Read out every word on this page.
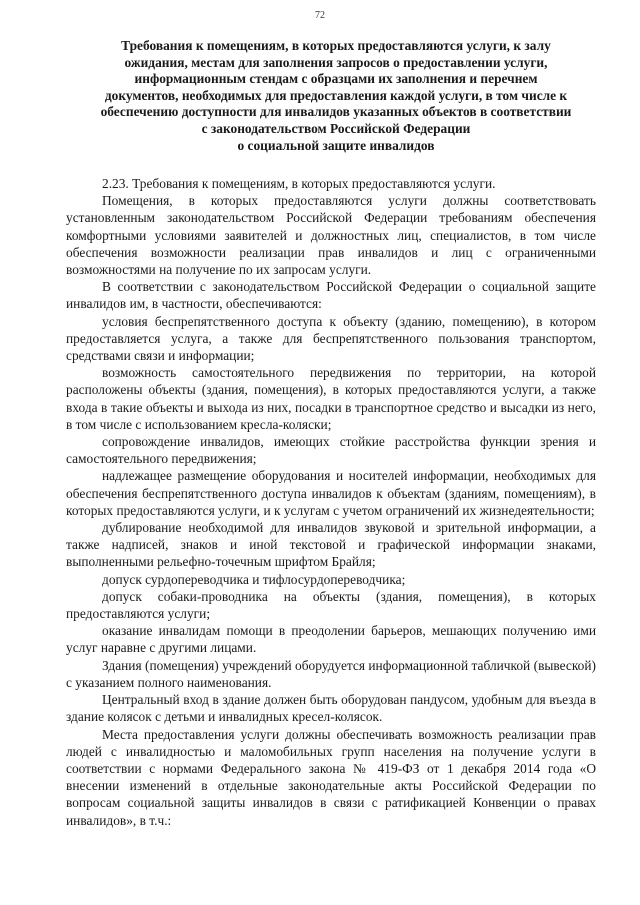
72
Требования к помещениям, в которых предоставляются услуги, к залу
ожидания, местам для заполнения запросов о предоставлении услуги,
информационным стендам с образцами их заполнения и перечнем
документов, необходимых для предоставления каждой услуги, в том числе к
обеспечению доступности для инвалидов указанных объектов в соответствии
с законодательством Российской Федерации
о социальной защите инвалидов

2.23. Требования к помещениям, в которых предоставляются услуги.

Помещения, в которых предоставляются услуги должны соответствовать установленным законодательством Российской Федерации требованиям обеспечения комфортными условиями заявителей и должностных лиц, специалистов, в том числе обеспечения возможности реализации прав инвалидов и лиц с ограниченными возможностями на получение по их запросам услуги.

В соответствии с законодательством Российской Федерации о социальной защите инвалидов им, в частности, обеспечиваются:

условия беспрепятственного доступа к объекту (зданию, помещению), в котором предоставляется услуга, а также для беспрепятственного пользования транспортом, средствами связи и информации;

возможность самостоятельного передвижения по территории, на которой расположены объекты (здания, помещения), в которых предоставляются услуги, а также входа в такие объекты и выхода из них, посадки в транспортное средство и высадки из него, в том числе с использованием кресла-коляски;

сопровождение инвалидов, имеющих стойкие расстройства функции зрения и самостоятельного передвижения;

надлежащее размещение оборудования и носителей информации, необходимых для обеспечения беспрепятственного доступа инвалидов к объектам (зданиям, помещениям), в которых предоставляются услуги, и к услугам с учетом ограничений их жизнедеятельности;

дублирование необходимой для инвалидов звуковой и зрительной информации, а также надписей, знаков и иной текстовой и графической информации знаками, выполненными рельефно-точечным шрифтом Брайля;

допуск сурдопереводчика и тифлосурдопереводчика;

допуск собаки-проводника на объекты (здания, помещения), в которых предоставляются услуги;

оказание инвалидам помощи в преодолении барьеров, мешающих получению ими услуг наравне с другими лицами.

Здания (помещения) учреждений оборудуется информационной табличкой (вывеской) с указанием полного наименования.

Центральный вход в здание должен быть оборудован пандусом, удобным для въезда в здание колясок с детьми и инвалидных кресел-колясок.

Места предоставления услуги должны обеспечивать возможность реализации прав людей с инвалидностью и маломобильных групп населения на получение услуги в соответствии с нормами Федерального закона № 419-ФЗ от 1 декабря 2014 года «О внесении изменений в отдельные законодательные акты Российской Федерации по вопросам социальной защиты инвалидов в связи с ратификацией Конвенции о правах инвалидов», в т.ч.:
